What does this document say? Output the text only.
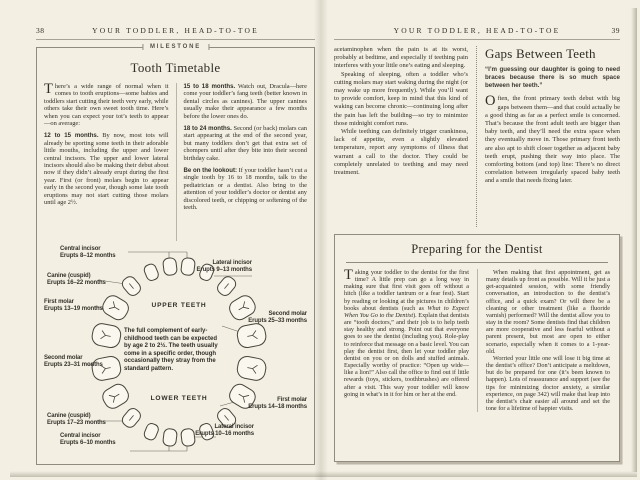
38	YOUR TODDLER, HEAD-TO-TOE
MILESTONE
Tooth Timetable

There’s a wide range of normal when it comes to tooth eruptions—some babies and toddlers start cutting their teeth very early, while others take their own sweet tooth time. Here’s when you can expect your tot’s teeth to appear—on average:

12 to 15 months. By now, most tots will already be sporting some teeth in their adorable little mouths, including the upper and lower central incisors. The upper and lower lateral incisors should also be making their debut about now if they didn’t already erupt during the first year. First (or front) molars begin to appear early in the second year, though some late tooth eruptions may not start cutting those molars until age 2½.

15 to 18 months. Watch out, Dracula—here come your toddler’s fang teeth (better known in dental circles as canines). The upper canines usually make their appearance a few months before the lower ones do.

18 to 24 months. Second (or back) molars can start appearing at the end of the second year, but many toddlers don’t get that extra set of chompers until after they bite into their second birthday cake.

Be on the lookout: If your toddler hasn’t cut a single tooth by 16 to 18 months, talk to the pediatrician or a dentist. Also bring to the attention of your toddler’s doctor or dentist any discolored teeth, or chipping or softening of the teeth.

Central incisor
Erupts 8–12 months
Lateral incisor
Erupts 9–13 months
Canine (cuspid)
Erupts 16–22 months
First molar
Erupts 13–19 months
Second molar
Erupts 25–33 months
Second molar
Erupts 23–31 months
First molar
Erupts 14–18 months
Canine (cuspid)
Erupts 17–23 months
Lateral incisor
Erupts 10–16 months
Central incisor
Erupts 6–10 months
UPPER TEETH
The full complement of early-childhood teeth can be expected by age 2 to 2½. The teeth usually come in a specific order, though occasionally they stray from the standard pattern.
LOWER TEETH
YOUR TODDLER, HEAD-TO-TOE	39

acetaminophen when the pain is at its worst, probably at bedtime, and especially if teething pain interferes with your little one’s eating and sleeping.

Speaking of sleeping, often a toddler who’s cutting molars may start waking during the night (or may wake up more frequently). While you’ll want to provide comfort, keep in mind that this kind of waking can become chronic—continuing long after the pain has left the building—so try to minimize those midnight comfort runs.

While teething can definitely trigger crankiness, lack of appetite, even a slightly elevated temperature, report any symptoms of illness that warrant a call to the doctor. They could be completely unrelated to teething and may need treatment.

Gaps Between Teeth

“I’m guessing our daughter is going to need braces because there is so much space between her teeth.”

Often, the front primary teeth debut with big gaps between them—and that could actually be a good thing as far as a perfect smile is concerned. That’s because the front adult teeth are bigger than baby teeth, and they’ll need the extra space when they eventually move in. Those primary front teeth are also apt to shift closer together as adjacent baby teeth erupt, pushing their way into place. The comforting bottom (and top) line: There’s no direct correlation between irregularly spaced baby teeth and a smile that needs fixing later.

Preparing for the Dentist

Taking your toddler to the dentist for the first time? A little prep can go a long way in making sure that first visit goes off without a hitch (like a toddler tantrum or a fear fest). Start by reading or looking at the pictures in children’s books about dentists (such as What to Expect When You Go to the Dentist). Explain that dentists are “tooth doctors,” and their job is to help teeth stay healthy and strong. Point out that everyone goes to see the dentist (including you). Role-play to reinforce that message on a basic level. You can play the dentist first, then let your toddler play dentist on you or on dolls and stuffed animals. Especially worthy of practice: “Open up wide—like a lion!” Also call the office to find out if little rewards (toys, stickers, toothbrushes) are offered after a visit. This way your toddler will know going in what’s in it for him or her at the end.

When making that first appointment, get as many details up front as possible. Will it be just a get-acquainted session, with some friendly conversation, an introduction to the dentist’s office, and a quick exam? Or will there be a cleaning or other treatment (like a fluoride varnish) performed? Will the dentist allow you to stay in the room? Some dentists find that children are more cooperative and less fearful without a parent present, but most are open to either scenario, especially when it comes to a 1-year-old.

Worried your little one will lose it big time at the dentist’s office? Don’t anticipate a meltdown, but do be prepared for one (it’s been known to happen). Lots of reassurance and support (see the tips for minimizing doctor anxiety, a similar experience, on page 342) will make that leap into the dentist’s chair easier all around and set the tone for a lifetime of happier visits.
